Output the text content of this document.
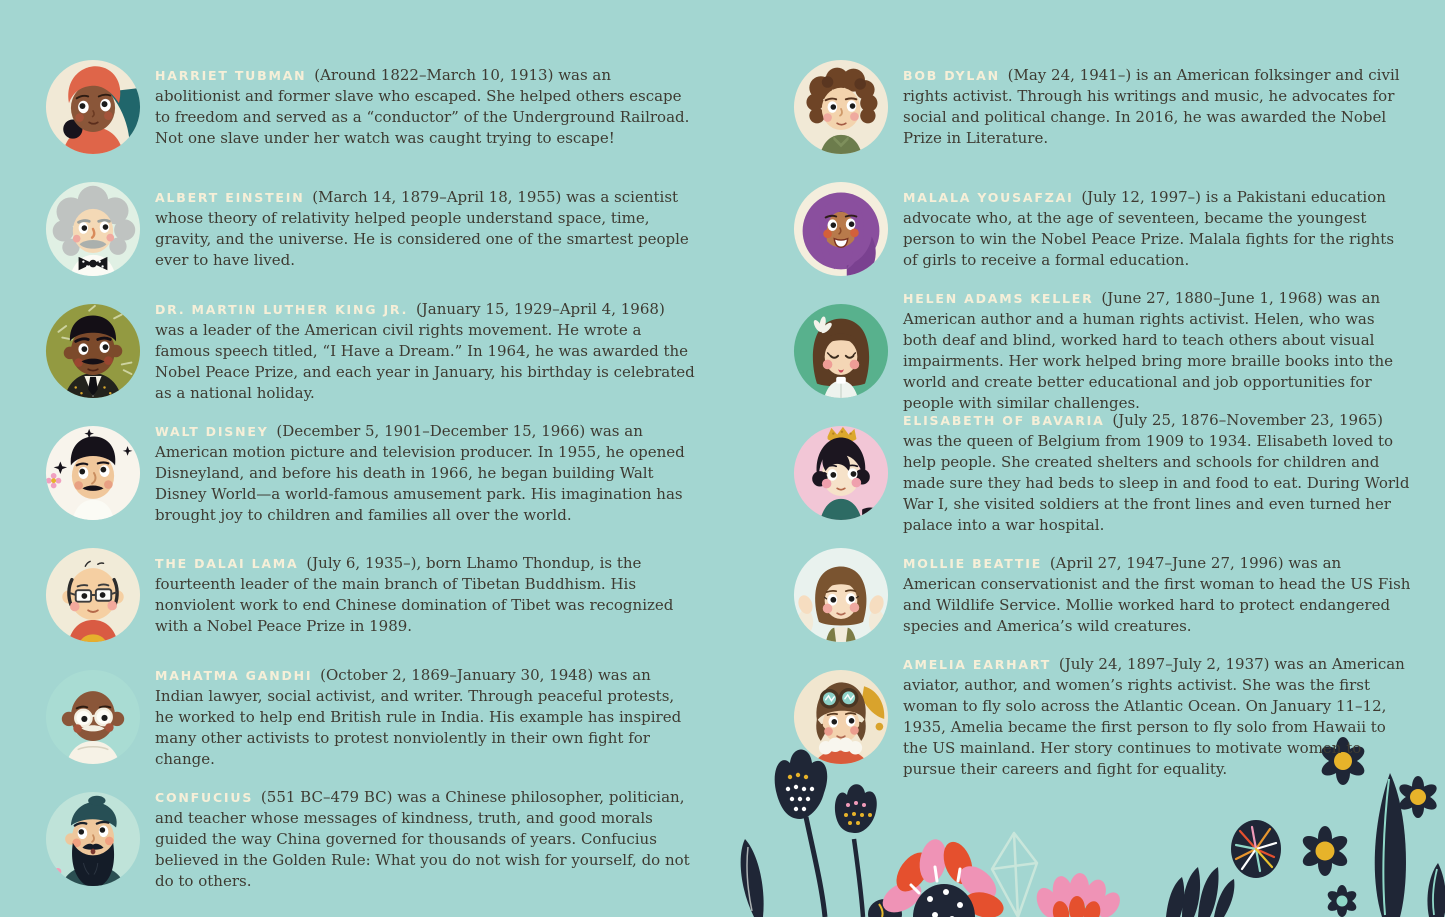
HARRIET TUBMAN (Around 1822–March 10, 1913) was an abolitionist and former slave who escaped. She helped others escape to freedom and served as a “conductor” of the Underground Railroad. Not one slave under her watch was caught trying to escape!

ALBERT EINSTEIN (March 14, 1879–April 18, 1955) was a scientist whose theory of relativity helped people understand space, time, gravity, and the universe. He is considered one of the smartest people ever to have lived.

DR. MARTIN LUTHER KING JR. (January 15, 1929–April 4, 1968) was a leader of the American civil rights movement. He wrote a famous speech titled, “I Have a Dream.” In 1964, he was awarded the Nobel Peace Prize, and each year in January, his birthday is celebrated as a national holiday.

WALT DISNEY (December 5, 1901–December 15, 1966) was an American motion picture and television producer. In 1955, he opened Disneyland, and before his death in 1966, he began building Walt Disney World—a world-famous amusement park. His imagination has brought joy to children and families all over the world.

THE DALAI LAMA (July 6, 1935–), born Lhamo Thondup, is the fourteenth leader of the main branch of Tibetan Buddhism. His nonviolent work to end Chinese domination of Tibet was recognized with a Nobel Peace Prize in 1989.

MAHATMA GANDHI (October 2, 1869–January 30, 1948) was an Indian lawyer, social activist, and writer. Through peaceful protests, he worked to help end British rule in India. His example has inspired many other activists to protest nonviolently in their own fight for change.

CONFUCIUS (551 BC–479 BC) was a Chinese philosopher, politician, and teacher whose messages of kindness, truth, and good morals guided the way China governed for thousands of years. Confucius believed in the Golden Rule: What you do not wish for yourself, do not do to others.

BOB DYLAN (May 24, 1941–) is an American folksinger and civil rights activist. Through his writings and music, he advocates for social and political change. In 2016, he was awarded the Nobel Prize in Literature.

MALALA YOUSAFZAI (July 12, 1997–) is a Pakistani education advocate who, at the age of seventeen, became the youngest person to win the Nobel Peace Prize. Malala fights for the rights of girls to receive a formal education.

HELEN ADAMS KELLER (June 27, 1880–June 1, 1968) was an American author and a human rights activist. Helen, who was both deaf and blind, worked hard to teach others about visual impairments. Her work helped bring more braille books into the world and create better educational and job opportunities for people with similar challenges.

ELISABETH OF BAVARIA (July 25, 1876–November 23, 1965) was the queen of Belgium from 1909 to 1934. Elisabeth loved to help people. She created shelters and schools for children and made sure they had beds to sleep in and food to eat. During World War I, she visited soldiers at the front lines and even turned her palace into a war hospital.

MOLLIE BEATTIE (April 27, 1947–June 27, 1996) was an American conservationist and the first woman to head the US Fish and Wildlife Service. Mollie worked hard to protect endangered species and America’s wild creatures.

AMELIA EARHART (July 24, 1897–July 2, 1937) was an American aviator, author, and women’s rights activist. She was the first woman to fly solo across the Atlantic Ocean. On January 11–12, 1935, Amelia became the first person to fly solo from Hawaii to the US mainland. Her story continues to motivate women to pursue their careers and fight for equality.
